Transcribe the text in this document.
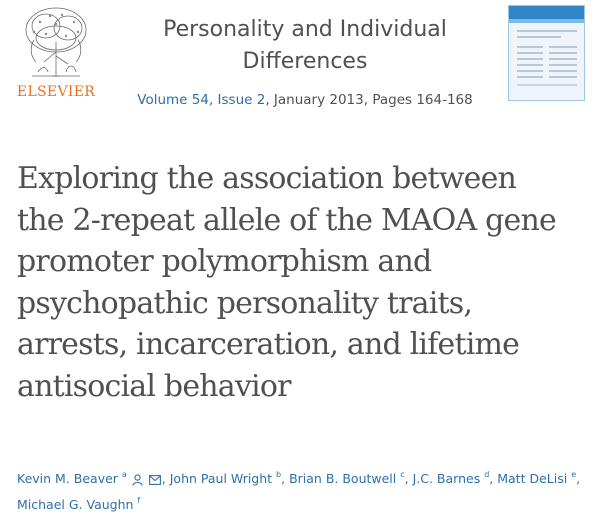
ELSEVIER
Personality and Individual
Differences
Volume 54, Issue 2, January 2013, Pages 164-168
Exploring the association between
the 2-repeat allele of the MAOA gene
promoter polymorphism and
psychopathic personality traits,
arrests, incarceration, and lifetime
antisocial behavior
Kevin M. Beaver $^a$	, John Paul Wright $^b$, Brian B. Boutwell $^c$, J.C. Barnes $^d$, Matt DeLisi $^e$, Michael G. Vaughn $^f$
